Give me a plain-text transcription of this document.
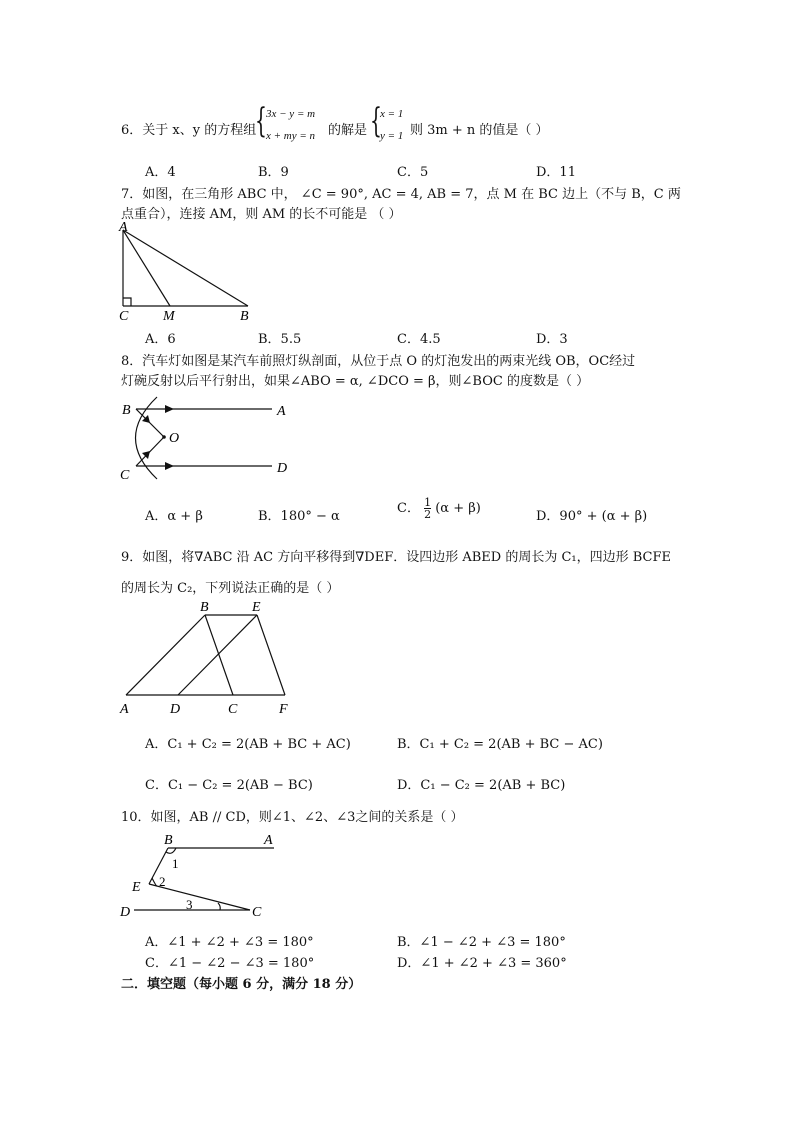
6．关于 x、y 的方程组
{ 3x − y = m
x + my = n 的解是 {
x = 1
y = 1 则 3m + n 的值是（ ）
A．4	B．9	C．5	D．11
7．如图，在三角形 ABC 中， ∠C = 90°, AC = 4, AB = 7，点 M 在 BC 边上（不与 B，C 两
点重合），连接 AM，则 AM 的长不可能是 （ ）
A
C M	B
A．6	B．5.5	C．4.5	D．3
8．汽车灯如图是某汽车前照灯纵剖面，从位于点 O 的灯泡发出的两束光线 OB，OC经过
灯碗反射以后平行射出，如果∠ABO = α, ∠DCO = β，则∠BOC 的度数是（ ）
B	A
O
C	D
A．α + β	B．180° − α
C． $\frac{1}{2} (\alpha + \beta)$
D．90° + (α + β)
9．如图，将∇ABC 沿 AC 方向平移得到∇DEF．设四边形 ABED 的周长为 C₁，四边形 BCFE
的周长为 C₂，下列说法正确的是（ ）
B	E
A	D	C	F
A．C₁ + C₂ = 2(AB + BC + AC)	B．C₁ + C₂ = 2(AB + BC − AC)
C．C₁ − C₂ = 2(AB − BC)	D．C₁ − C₂ = 2(AB + BC)
10．如图，AB // CD，则∠1、∠2、∠3之间的关系是（ ）
B	A
E
D	C
1
2
3
A．∠1 + ∠2 + ∠3 = 180°	B．∠1 − ∠2 + ∠3 = 180°
C．∠1 − ∠2 − ∠3 = 180°	D．∠1 + ∠2 + ∠3 = 360°
二．填空题（每小题 6 分，满分 18 分）
